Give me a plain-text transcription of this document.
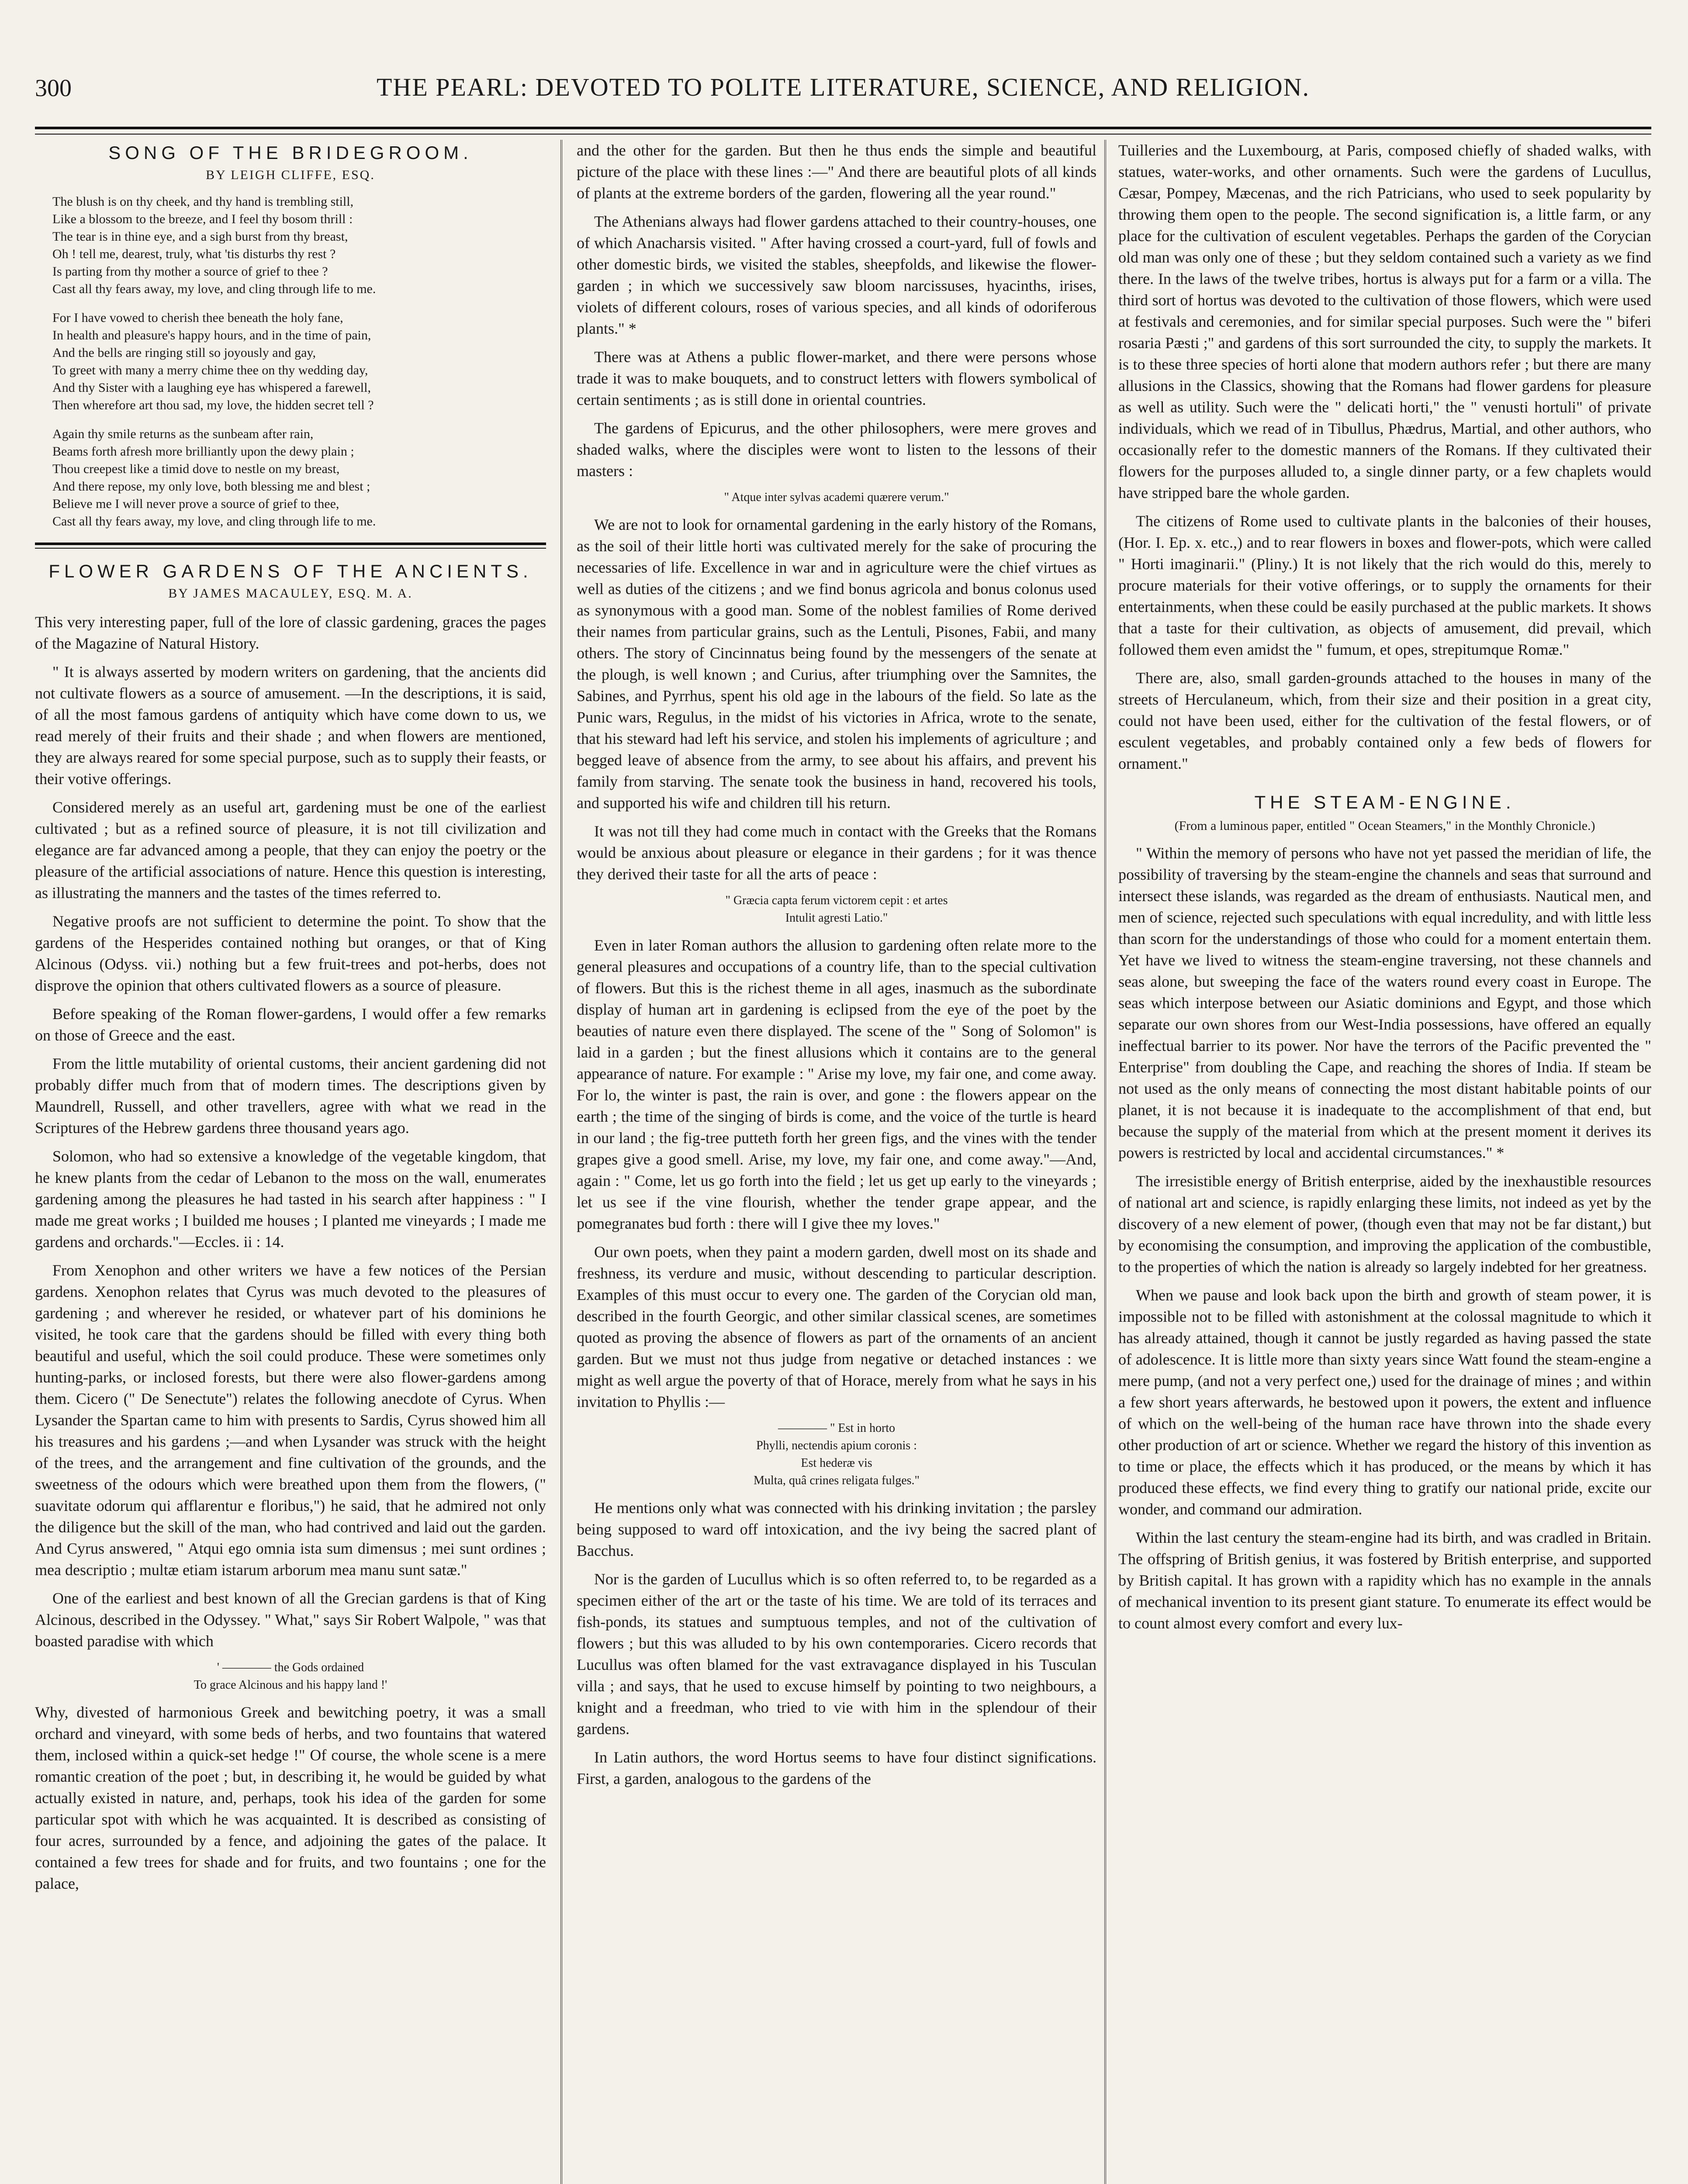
300	THE PEARL: DEVOTED TO POLITE LITERATURE, SCIENCE, AND RELIGION.
SONG OF THE BRIDEGROOM.
BY LEIGH CLIFFE, ESQ.
The blush is on thy cheek, and thy hand is trembling still,
Like a blossom to the breeze, and I feel thy bosom thrill :
The tear is in thine eye, and a sigh burst from thy breast,
Oh ! tell me, dearest, truly, what 'tis disturbs thy rest ?
Is parting from thy mother a source of grief to thee ?
Cast all thy fears away, my love, and cling through life to me.
For I have vowed to cherish thee beneath the holy fane,
In health and pleasure's happy hours, and in the time of pain,
And the bells are ringing still so joyously and gay,
To greet with many a merry chime thee on thy wedding day,
And thy Sister with a laughing eye has whispered a farewell,
Then wherefore art thou sad, my love, the hidden secret tell ?
Again thy smile returns as the sunbeam after rain,
Beams forth afresh more brilliantly upon the dewy plain ;
Thou creepest like a timid dove to nestle on my breast,
And there repose, my only love, both blessing me and blest ;
Believe me I will never prove a source of grief to thee,
Cast all thy fears away, my love, and cling through life to me.
FLOWER GARDENS OF THE ANCIENTS.
BY JAMES MACAULEY, ESQ. M. A.

This very interesting paper, full of the lore of classic gardening, graces the pages of the Magazine of Natural History.

" It is always asserted by modern writers on gardening, that the ancients did not cultivate flowers as a source of amusement. —In the descriptions, it is said, of all the most famous gardens of antiquity which have come down to us, we read merely of their fruits and their shade ; and when flowers are mentioned, they are always reared for some special purpose, such as to supply their feasts, or their votive offerings.

Considered merely as an useful art, gardening must be one of the earliest cultivated ; but as a refined source of pleasure, it is not till civilization and elegance are far advanced among a people, that they can enjoy the poetry or the pleasure of the artificial associations of nature. Hence this question is interesting, as illustrating the manners and the tastes of the times referred to.

Negative proofs are not sufficient to determine the point. To show that the gardens of the Hesperides contained nothing but oranges, or that of King Alcinous (Odyss. vii.) nothing but a few fruit-trees and pot-herbs, does not disprove the opinion that others cultivated flowers as a source of pleasure.

Before speaking of the Roman flower-gardens, I would offer a few remarks on those of Greece and the east.

From the little mutability of oriental customs, their ancient gardening did not probably differ much from that of modern times. The descriptions given by Maundrell, Russell, and other travellers, agree with what we read in the Scriptures of the Hebrew gardens three thousand years ago.

Solomon, who had so extensive a knowledge of the vegetable kingdom, that he knew plants from the cedar of Lebanon to the moss on the wall, enumerates gardening among the pleasures he had tasted in his search after happiness : " I made me great works ; I builded me houses ; I planted me vineyards ; I made me gardens and orchards."—Eccles. ii : 14.

From Xenophon and other writers we have a few notices of the Persian gardens. Xenophon relates that Cyrus was much devoted to the pleasures of gardening ; and wherever he resided, or whatever part of his dominions he visited, he took care that the gardens should be filled with every thing both beautiful and useful, which the soil could produce. These were sometimes only hunting-parks, or inclosed forests, but there were also flower-gardens among them. Cicero (" De Senectute") relates the following anecdote of Cyrus. When Lysander the Spartan came to him with presents to Sardis, Cyrus showed him all his treasures and his gardens ;—and when Lysander was struck with the height of the trees, and the arrangement and fine cultivation of the grounds, and the sweetness of the odours which were breathed upon them from the flowers, (" suavitate odorum qui afflarentur e floribus,") he said, that he admired not only the diligence but the skill of the man, who had contrived and laid out the garden. And Cyrus answered, " Atqui ego omnia ista sum dimensus ; mei sunt ordines ; mea descriptio ; multæ etiam istarum arborum mea manu sunt satæ."

One of the earliest and best known of all the Grecian gardens is that of King Alcinous, described in the Odyssey. " What," says Sir Robert Walpole, " was that boasted paradise with which

' ———— the Gods ordained
To grace Alcinous and his happy land !'

Why, divested of harmonious Greek and bewitching poetry, it was a small orchard and vineyard, with some beds of herbs, and two fountains that watered them, inclosed within a quick-set hedge !" Of course, the whole scene is a mere romantic creation of the poet ; but, in describing it, he would be guided by what actually existed in nature, and, perhaps, took his idea of the garden for some particular spot with which he was acquainted. It is described as consisting of four acres, surrounded by a fence, and adjoining the gates of the palace. It contained a few trees for shade and for fruits, and two fountains ; one for the palace,

and the other for the garden. But then he thus ends the simple and beautiful picture of the place with these lines :—" And there are beautiful plots of all kinds of plants at the extreme borders of the garden, flowering all the year round."

The Athenians always had flower gardens attached to their country-houses, one of which Anacharsis visited. " After having crossed a court-yard, full of fowls and other domestic birds, we visited the stables, sheepfolds, and likewise the flower-garden ; in which we successively saw bloom narcissuses, hyacinths, irises, violets of different colours, roses of various species, and all kinds of odoriferous plants." *

There was at Athens a public flower-market, and there were persons whose trade it was to make bouquets, and to construct letters with flowers symbolical of certain sentiments ; as is still done in oriental countries.

The gardens of Epicurus, and the other philosophers, were mere groves and shaded walks, where the disciples were wont to listen to the lessons of their masters :

" Atque inter sylvas academi quærere verum."

We are not to look for ornamental gardening in the early history of the Romans, as the soil of their little horti was cultivated merely for the sake of procuring the necessaries of life. Excellence in war and in agriculture were the chief virtues as well as duties of the citizens ; and we find bonus agricola and bonus colonus used as synonymous with a good man. Some of the noblest families of Rome derived their names from particular grains, such as the Lentuli, Pisones, Fabii, and many others. The story of Cincinnatus being found by the messengers of the senate at the plough, is well known ; and Curius, after triumphing over the Samnites, the Sabines, and Pyrrhus, spent his old age in the labours of the field. So late as the Punic wars, Regulus, in the midst of his victories in Africa, wrote to the senate, that his steward had left his service, and stolen his implements of agriculture ; and begged leave of absence from the army, to see about his affairs, and prevent his family from starving. The senate took the business in hand, recovered his tools, and supported his wife and children till his return.

It was not till they had come much in contact with the Greeks that the Romans would be anxious about pleasure or elegance in their gardens ; for it was thence they derived their taste for all the arts of peace :

" Græcia capta ferum victorem cepit : et artes
Intulit agresti Latio."

Even in later Roman authors the allusion to gardening often relate more to the general pleasures and occupations of a country life, than to the special cultivation of flowers. But this is the richest theme in all ages, inasmuch as the subordinate display of human art in gardening is eclipsed from the eye of the poet by the beauties of nature even there displayed. The scene of the " Song of Solomon" is laid in a garden ; but the finest allusions which it contains are to the general appearance of nature. For example : " Arise my love, my fair one, and come away. For lo, the winter is past, the rain is over, and gone : the flowers appear on the earth ; the time of the singing of birds is come, and the voice of the turtle is heard in our land ; the fig-tree putteth forth her green figs, and the vines with the tender grapes give a good smell. Arise, my love, my fair one, and come away."—And, again : " Come, let us go forth into the field ; let us get up early to the vineyards ; let us see if the vine flourish, whether the tender grape appear, and the pomegranates bud forth : there will I give thee my loves."

Our own poets, when they paint a modern garden, dwell most on its shade and freshness, its verdure and music, without descending to particular description. Examples of this must occur to every one. The garden of the Corycian old man, described in the fourth Georgic, and other similar classical scenes, are sometimes quoted as proving the absence of flowers as part of the ornaments of an ancient garden. But we must not thus judge from negative or detached instances : we might as well argue the poverty of that of Horace, merely from what he says in his invitation to Phyllis :—

———— " Est in horto
Phylli, nectendis apium coronis :
Est hederæ vis
Multa, quâ crines religata fulges."

He mentions only what was connected with his drinking invitation ; the parsley being supposed to ward off intoxication, and the ivy being the sacred plant of Bacchus.

Nor is the garden of Lucullus which is so often referred to, to be regarded as a specimen either of the art or the taste of his time. We are told of its terraces and fish-ponds, its statues and sumptuous temples, and not of the cultivation of flowers ; but this was alluded to by his own contemporaries. Cicero records that Lucullus was often blamed for the vast extravagance displayed in his Tusculan villa ; and says, that he used to excuse himself by pointing to two neighbours, a knight and a freedman, who tried to vie with him in the splendour of their gardens.

In Latin authors, the word Hortus seems to have four distinct significations. First, a garden, analogous to the gardens of the

Tuilleries and the Luxembourg, at Paris, composed chiefly of shaded walks, with statues, water-works, and other ornaments. Such were the gardens of Lucullus, Cæsar, Pompey, Mæcenas, and the rich Patricians, who used to seek popularity by throwing them open to the people. The second signification is, a little farm, or any place for the cultivation of esculent vegetables. Perhaps the garden of the Corycian old man was only one of these ; but they seldom contained such a variety as we find there. In the laws of the twelve tribes, hortus is always put for a farm or a villa. The third sort of hortus was devoted to the cultivation of those flowers, which were used at festivals and ceremonies, and for similar special purposes. Such were the " biferi rosaria Pæsti ;" and gardens of this sort surrounded the city, to supply the markets. It is to these three species of horti alone that modern authors refer ; but there are many allusions in the Classics, showing that the Romans had flower gardens for pleasure as well as utility. Such were the " delicati horti," the " venusti hortuli" of private individuals, which we read of in Tibullus, Phædrus, Martial, and other authors, who occasionally refer to the domestic manners of the Romans. If they cultivated their flowers for the purposes alluded to, a single dinner party, or a few chaplets would have stripped bare the whole garden.

The citizens of Rome used to cultivate plants in the balconies of their houses, (Hor. I. Ep. x. etc.,) and to rear flowers in boxes and flower-pots, which were called " Horti imaginarii." (Pliny.) It is not likely that the rich would do this, merely to procure materials for their votive offerings, or to supply the ornaments for their entertainments, when these could be easily purchased at the public markets. It shows that a taste for their cultivation, as objects of amusement, did prevail, which followed them even amidst the " fumum, et opes, strepitumque Romæ."

There are, also, small garden-grounds attached to the houses in many of the streets of Herculaneum, which, from their size and their position in a great city, could not have been used, either for the cultivation of the festal flowers, or of esculent vegetables, and probably contained only a few beds of flowers for ornament."

THE STEAM-ENGINE.
(From a luminous paper, entitled " Ocean Steamers," in the Monthly Chronicle.)

" Within the memory of persons who have not yet passed the meridian of life, the possibility of traversing by the steam-engine the channels and seas that surround and intersect these islands, was regarded as the dream of enthusiasts. Nautical men, and men of science, rejected such speculations with equal incredulity, and with little less than scorn for the understandings of those who could for a moment entertain them. Yet have we lived to witness the steam-engine traversing, not these channels and seas alone, but sweeping the face of the waters round every coast in Europe. The seas which interpose between our Asiatic dominions and Egypt, and those which separate our own shores from our West-India possessions, have offered an equally ineffectual barrier to its power. Nor have the terrors of the Pacific prevented the " Enterprise" from doubling the Cape, and reaching the shores of India. If steam be not used as the only means of connecting the most distant habitable points of our planet, it is not because it is inadequate to the accomplishment of that end, but because the supply of the material from which at the present moment it derives its powers is restricted by local and accidental circumstances." *

The irresistible energy of British enterprise, aided by the inexhaustible resources of national art and science, is rapidly enlarging these limits, not indeed as yet by the discovery of a new element of power, (though even that may not be far distant,) but by economising the consumption, and improving the application of the combustible, to the properties of which the nation is already so largely indebted for her greatness.

When we pause and look back upon the birth and growth of steam power, it is impossible not to be filled with astonishment at the colossal magnitude to which it has already attained, though it cannot be justly regarded as having passed the state of adolescence. It is little more than sixty years since Watt found the steam-engine a mere pump, (and not a very perfect one,) used for the drainage of mines ; and within a few short years afterwards, he bestowed upon it powers, the extent and influence of which on the well-being of the human race have thrown into the shade every other production of art or science. Whether we regard the history of this invention as to time or place, the effects which it has produced, or the means by which it has produced these effects, we find every thing to gratify our national pride, excite our wonder, and command our admiration.

Within the last century the steam-engine had its birth, and was cradled in Britain. The offspring of British genius, it was fostered by British enterprise, and supported by British capital. It has grown with a rapidity which has no example in the annals of mechanical invention to its present giant stature. To enumerate its effect would be to count almost every comfort and every lux-
